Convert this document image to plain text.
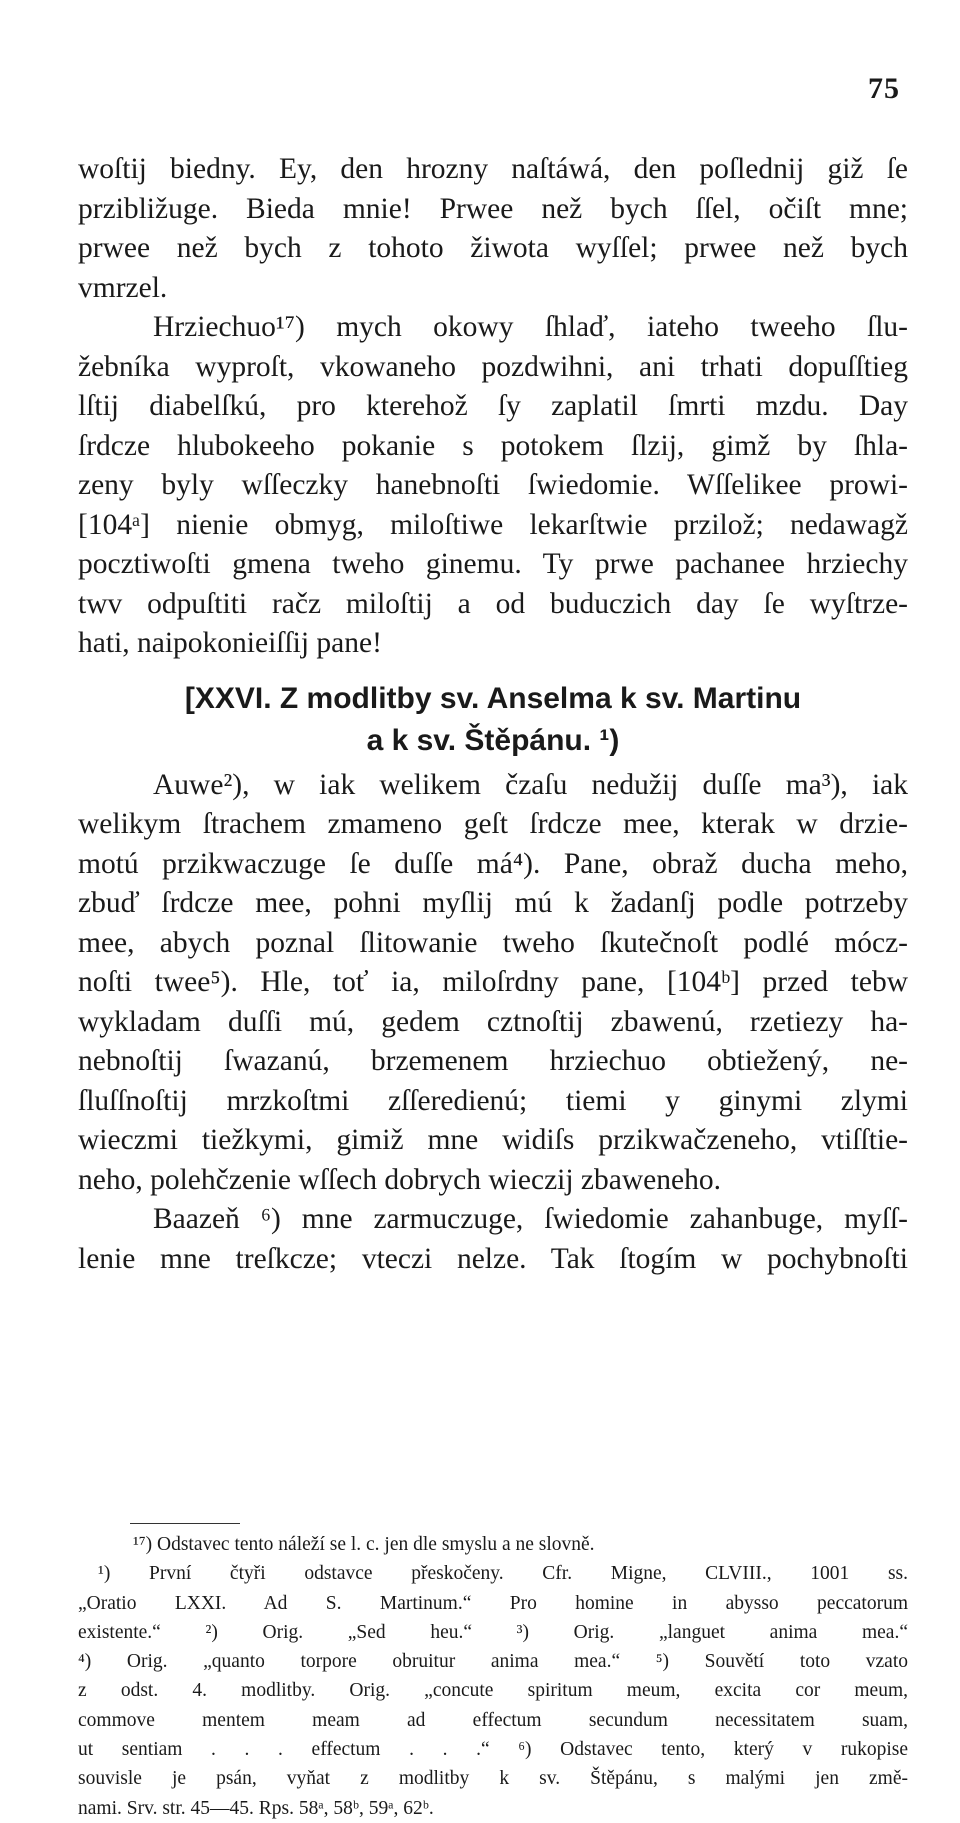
75
woſtij biedny. Ey, den hrozny naſtáwá, den poſlednij giž ſe
przibližuge. Bieda mnie! Prwee než bych ſſel, očiſt mne;
prwee než bych z tohoto žiwota wyſſel; prwee než bych
vmrzel.
Hrziechuo¹⁷) mych okowy ſhlaď, iateho tweeho ſlu-
žebníka wyproſt, vkowaneho pozdwihni, ani trhati dopuſſtieg
lſtij diabelſkú, pro kterehož ſy zaplatil ſmrti mzdu. Day
ſrdcze hlubokeeho pokanie s potokem ſlzij, gimž by ſhla-
zeny byly wſſeczky hanebnoſti ſwiedomie. Wſſelikee prowi-
[104ᵃ] nienie obmyg, miloſtiwe lekarſtwie przilož; nedawagž
pocztiwoſti gmena tweho ginemu. Ty prwe pachanee hrziechy
twv odpuſtiti račz miloſtij a od buduczich day ſe wyſtrze-
hati, naipokonieiſſij pane!
[XXVI. Z modlitby sv. Anselma k sv. Martinu
a k sv. Štěpánu. ¹)
Auwe²), w iak welikem čzaſu nedužij duſſe ma³), iak
welikym ſtrachem zmameno geſt ſrdcze mee, kterak w drzie-
motú przikwaczuge ſe duſſe má⁴). Pane, obraž ducha meho,
zbuď ſrdcze mee, pohni myſlij mú k žadanſj podle potrzeby
mee, abych poznal ſlitowanie tweho ſkutečnoſt podlé mócz-
noſti twee⁵). Hle, toť ia, miloſrdny pane, [104ᵇ] przed tebw
wykladam duſſi mú, gedem cztnoſtij zbawenú, rzetiezy ha-
nebnoſtij ſwazanú, brzemenem hrziechuo obtiežený, ne-
ſluſſnoſtij mrzkoſtmi zſſeredienú; tiemi y ginymi zlymi
wieczmi tiežkymi, gimiž mne widiſs przikwačzeneho, vtiſſtie-
neho, polehčzenie wſſech dobrych wieczij zbaweneho.
Baazeň ⁶) mne zarmuczuge, ſwiedomie zahanbuge, myſſ-
lenie mne treſkcze; vteczi nelze. Tak ſtogím w pochybnoſti
¹⁷) Odstavec tento náleží se l. c. jen dle smyslu a ne slovně.
¹) První čtyři odstavce přeskočeny. Cfr. Migne, CLVIII., 1001 ss.
„Oratio LXXI. Ad S. Martinum.“ Pro homine in abysso peccatorum
existente.“ ²) Orig. „Sed heu.“ ³) Orig. „languet anima mea.“
⁴) Orig. „quanto torpore obruitur anima mea.“ ⁵) Souvětí toto vzato
z odst. 4. modlitby. Orig. „concute spiritum meum, excita cor meum,
commove mentem meam ad effectum secundum necessitatem suam,
ut sentiam . . . effectum . . .“ ⁶) Odstavec tento, který v rukopise
souvisle je psán, vyňat z modlitby k sv. Štěpánu, s malými jen změ-
nami. Srv. str. 45—45. Rps. 58ᵃ, 58ᵇ, 59ᵃ, 62ᵇ.
